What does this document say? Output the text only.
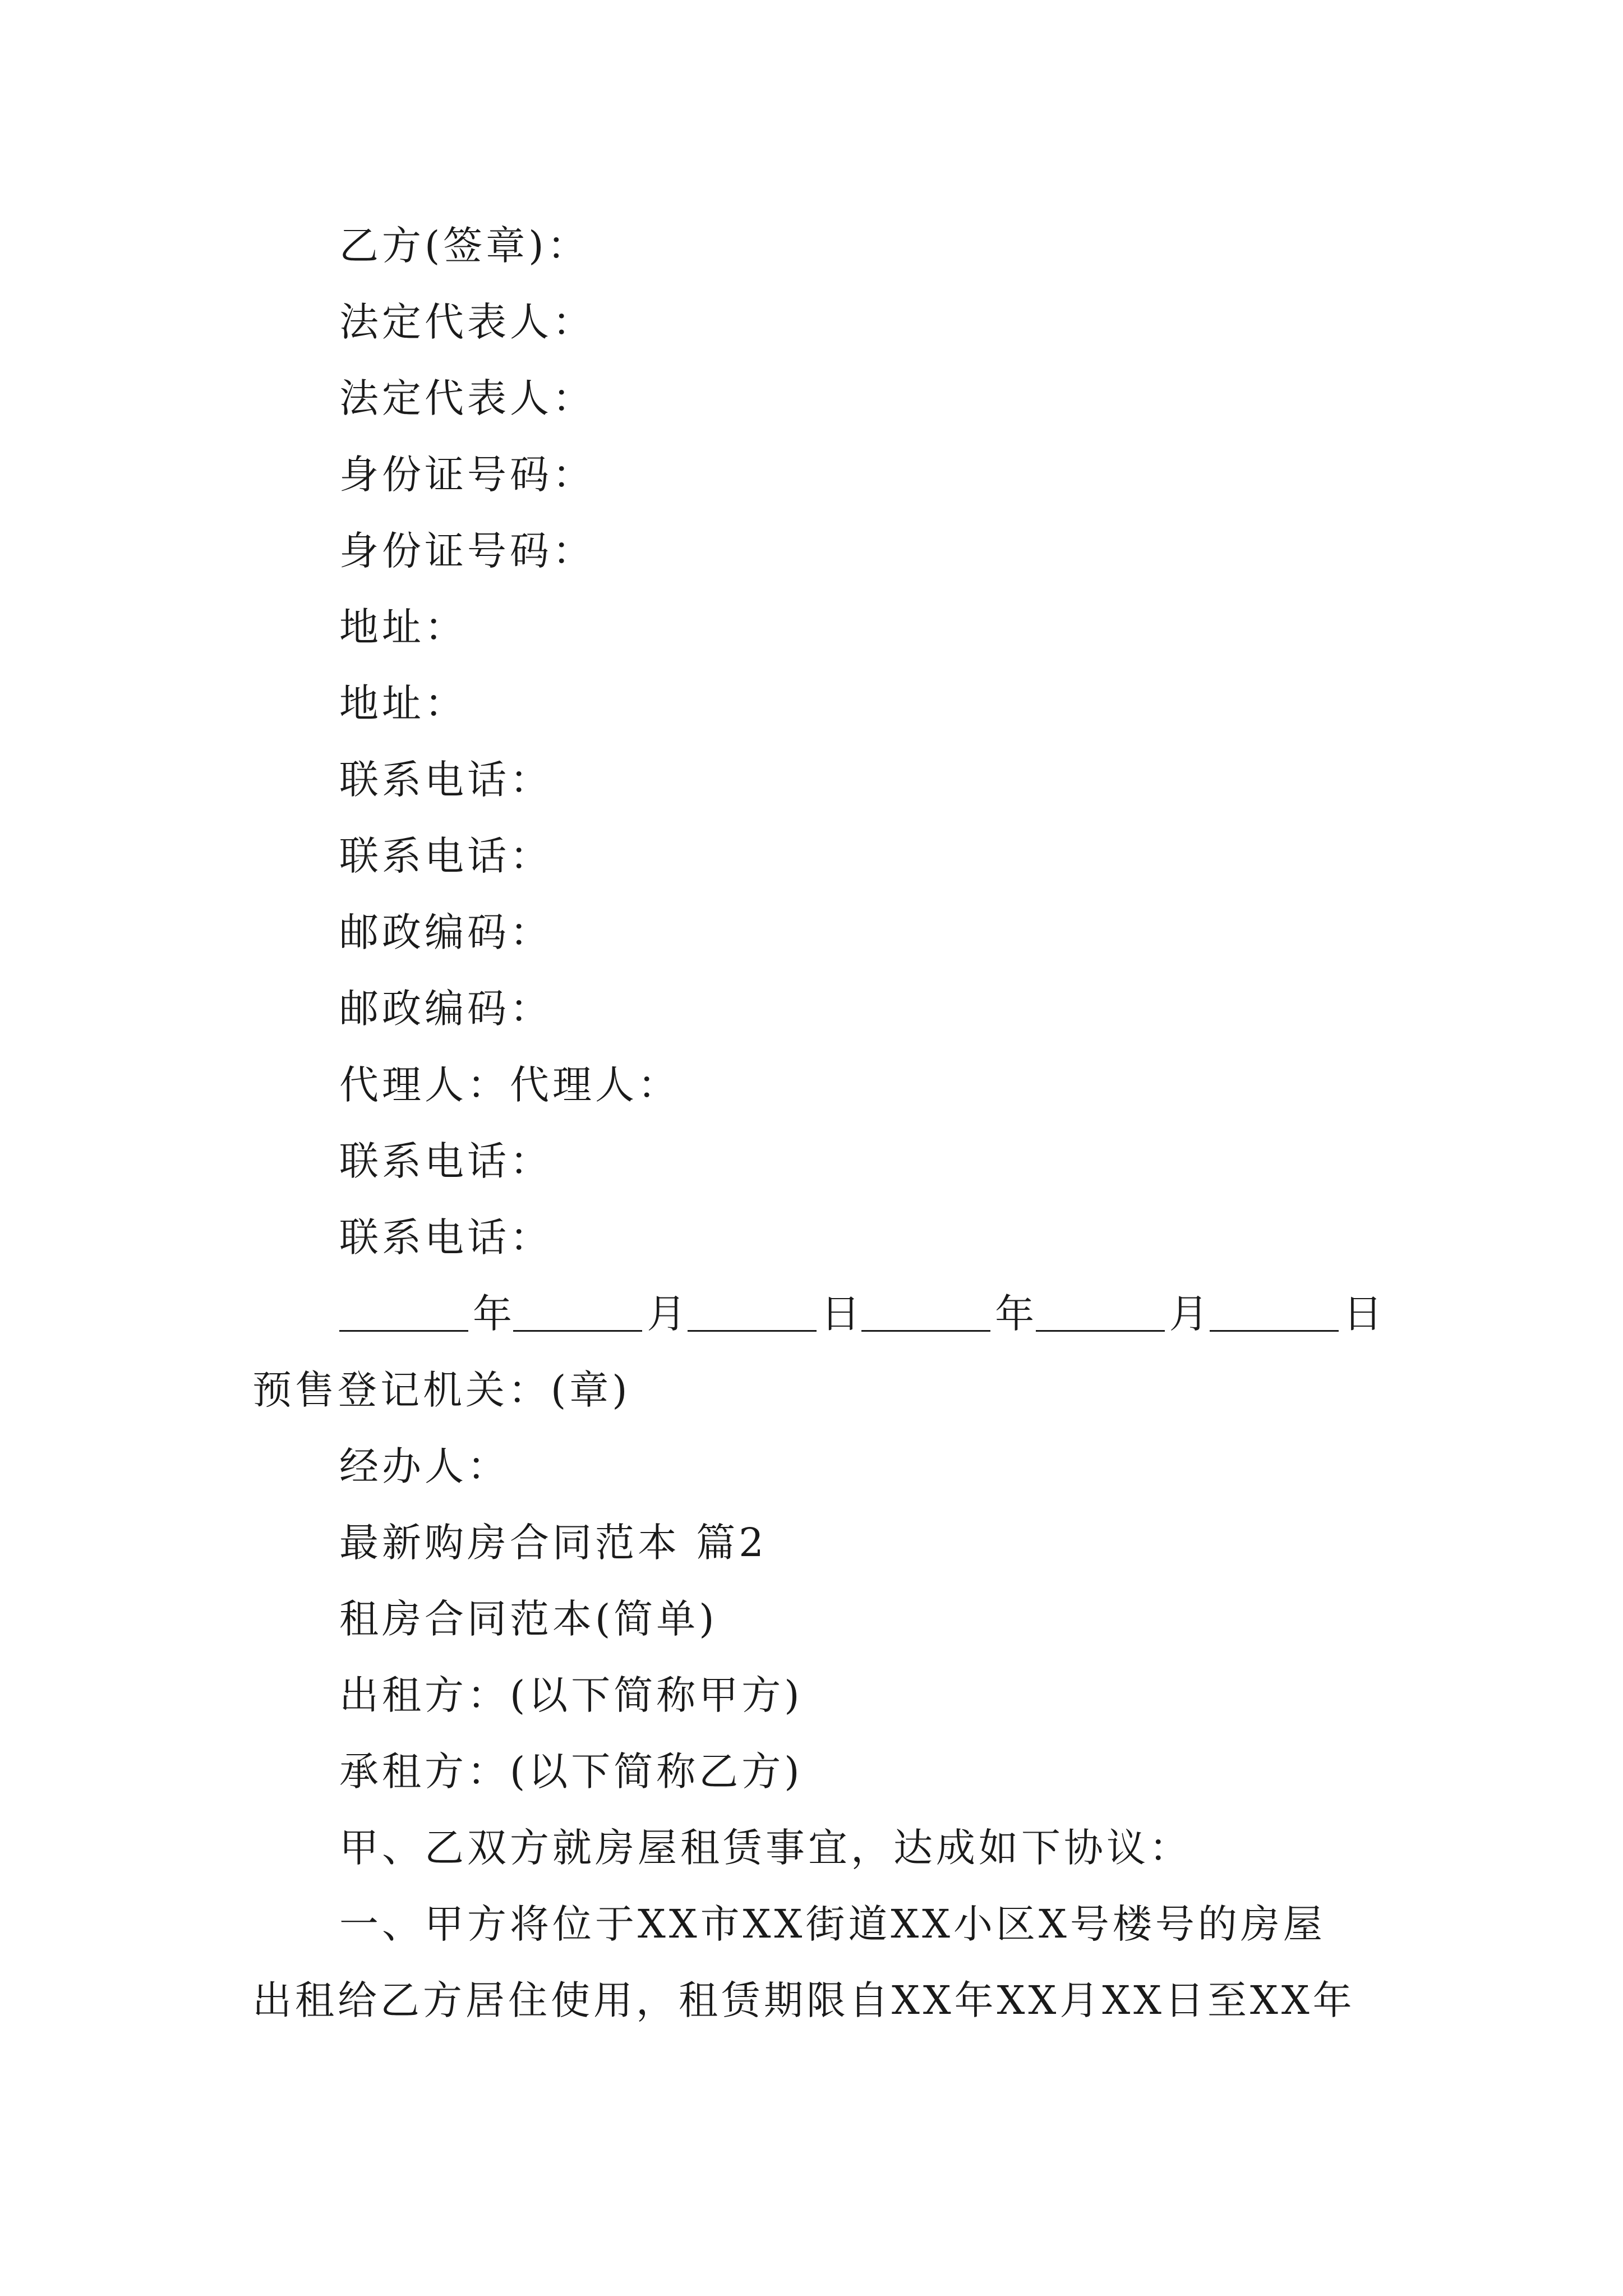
乙方(签章)：
法定代表人：
法定代表人：
身份证号码：
身份证号码：
地址：
地址：
联系电话：
联系电话：
邮政编码：
邮政编码：
代理人：代理人：
联系电话：
联系电话：
年	月	日	年	月	日
预售登记机关：(章)
经办人：
最新购房合同范本 篇2
租房合同范本(简单)
出租方：(以下简称甲方)
承租方：(以下简称乙方)
甲、乙双方就房屋租赁事宜，达成如下协议：
一、甲方将位于XX市XX街道XX小区X号楼号的房屋
出租给乙方居住使用，租赁期限自XX年XX月XX日至XX年
